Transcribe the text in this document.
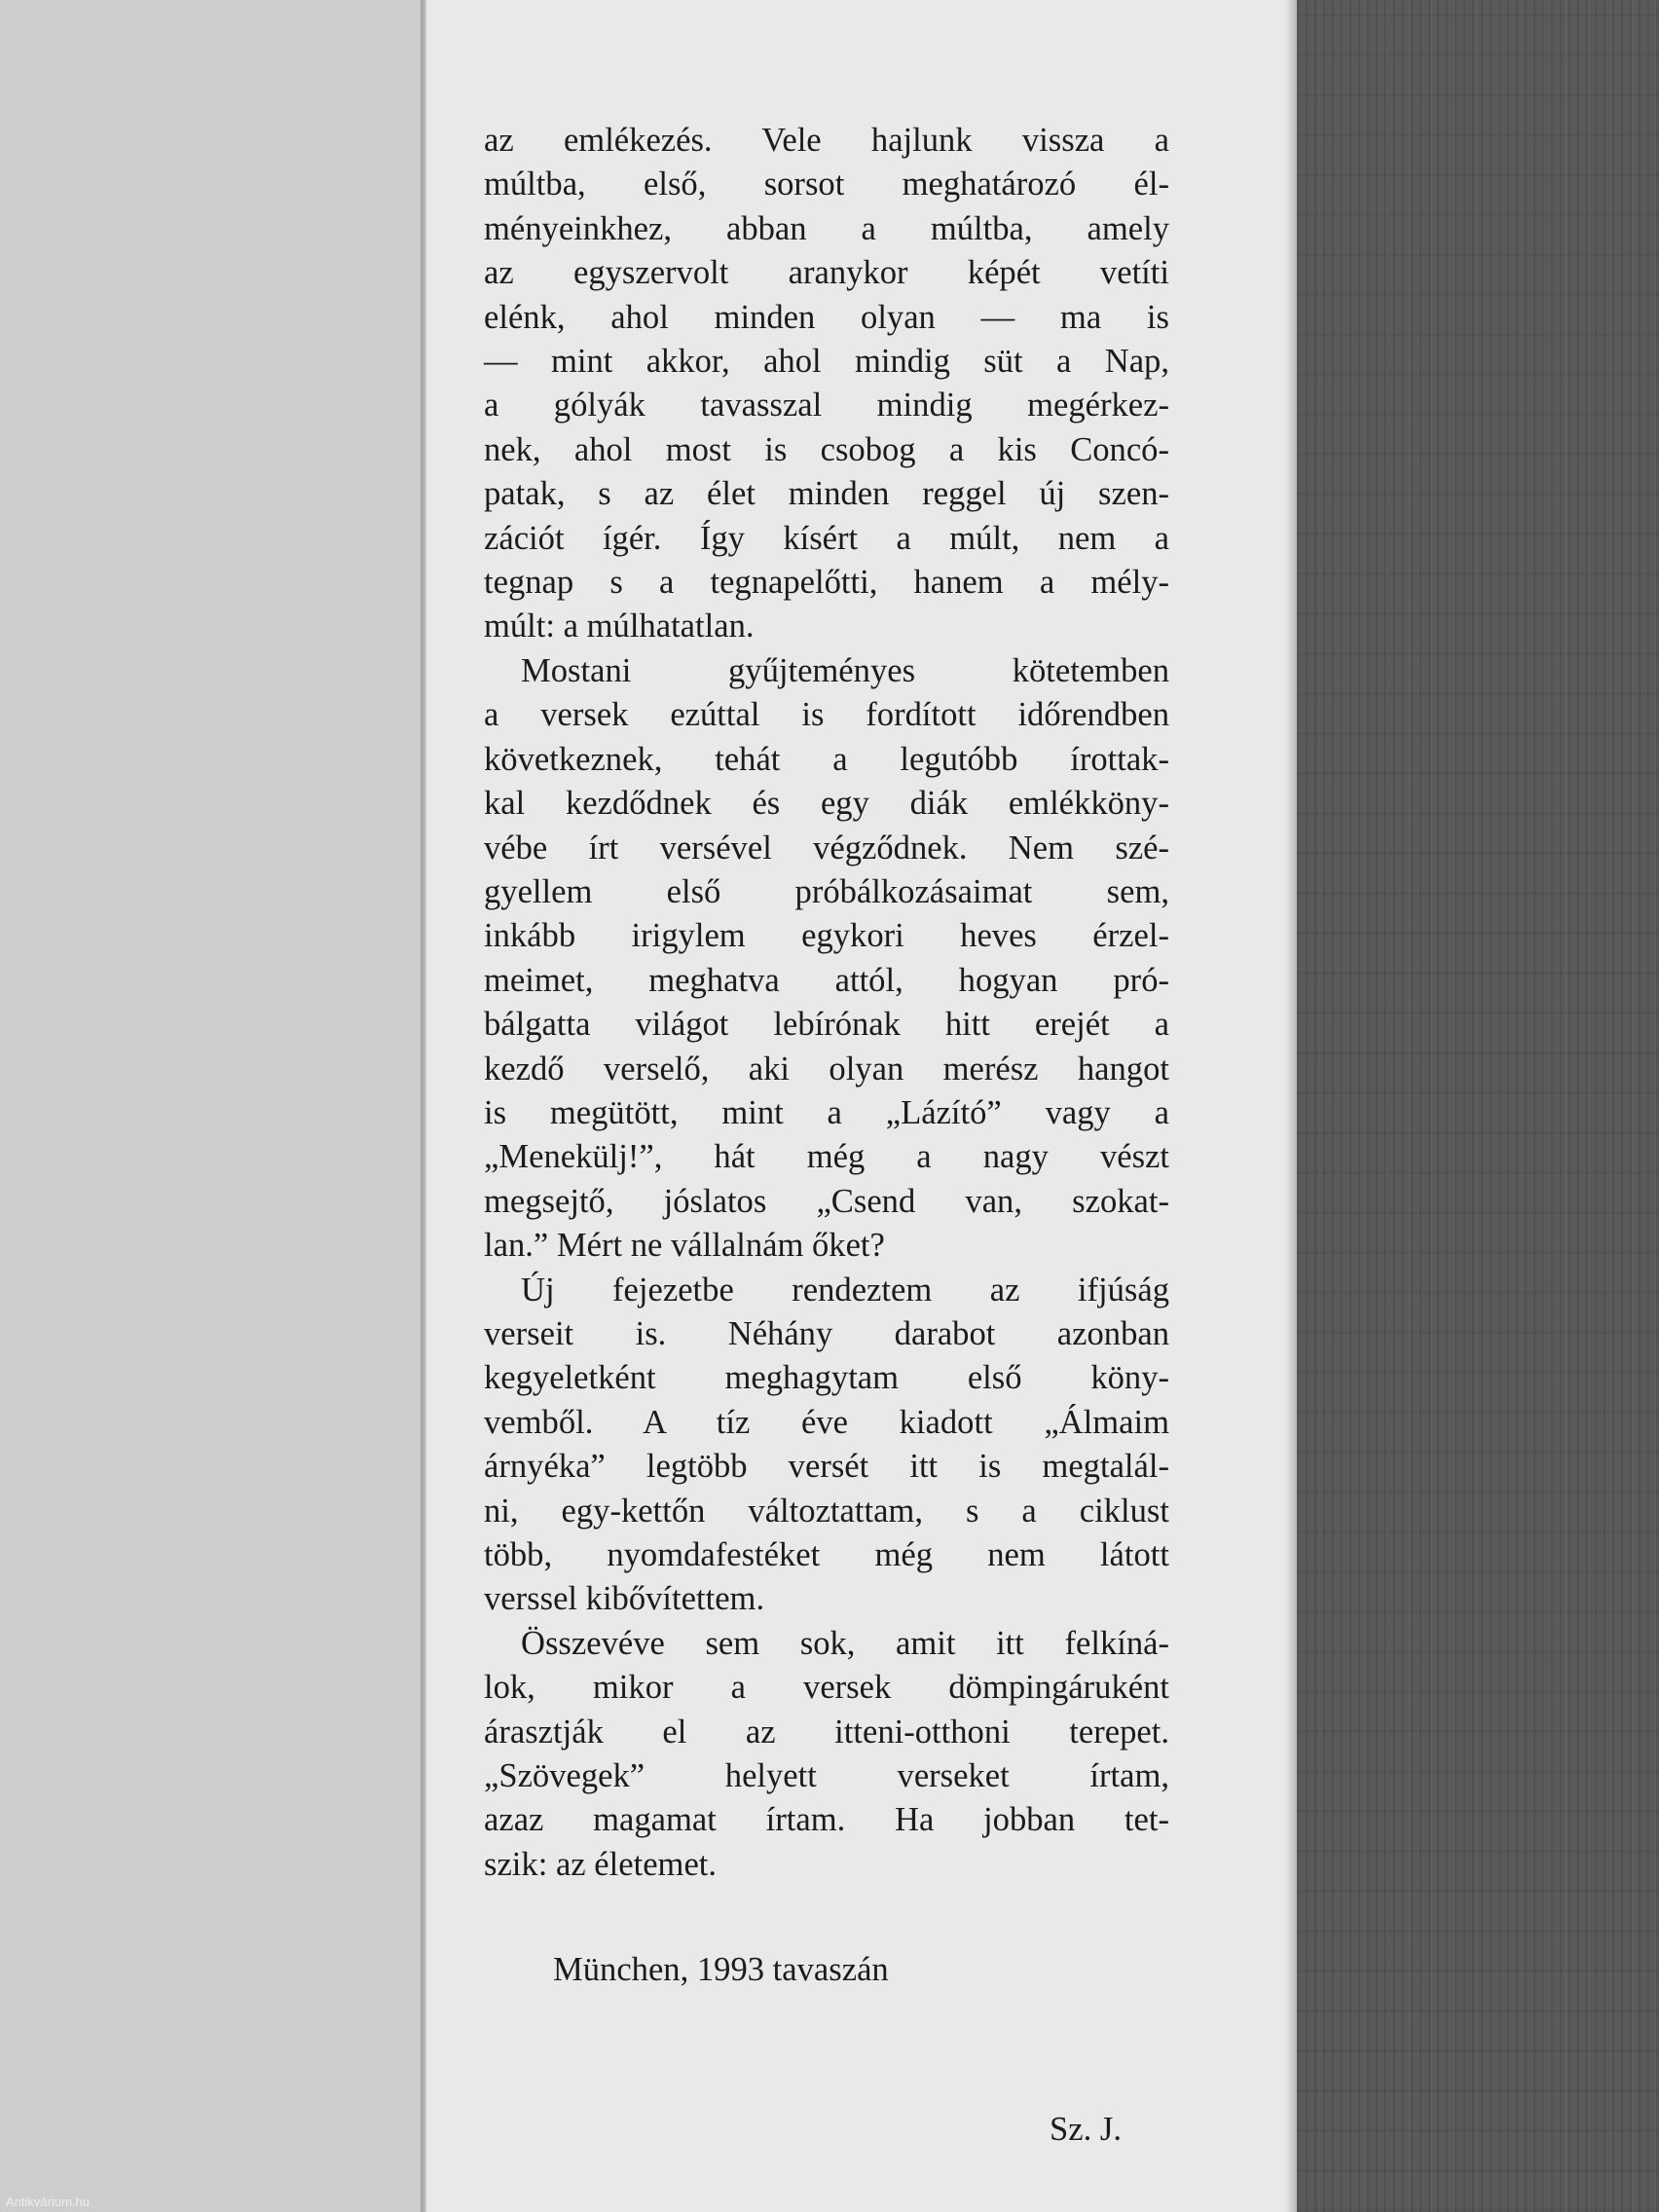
az emlékezés. Vele hajlunk vissza a
múltba, első, sorsot meghatározó él-
ményeinkhez, abban a múltba, amely
az egyszervolt aranykor képét vetíti
elénk, ahol minden olyan — ma is
— mint akkor, ahol mindig süt a Nap,
a gólyák tavasszal mindig megérkez-
nek, ahol most is csobog a kis Concó-
patak, s az élet minden reggel új szen-
zációt ígér. Így kísért a múlt, nem a
tegnap s a tegnapelőtti, hanem a mély-
múlt: a múlhatatlan.
Mostani gyűjteményes kötetemben
a versek ezúttal is fordított időrendben
következnek, tehát a legutóbb írottak-
kal kezdődnek és egy diák emlékköny-
vébe írt versével végződnek. Nem szé-
gyellem első próbálkozásaimat sem,
inkább irigylem egykori heves érzel-
meimet, meghatva attól, hogyan pró-
bálgatta világot lebírónak hitt erejét a
kezdő verselő, aki olyan merész hangot
is megütött, mint a „Lázító” vagy a
„Menekülj!”, hát még a nagy vészt
megsejtő, jóslatos „Csend van, szokat-
lan.” Mért ne vállalnám őket?
Új fejezetbe rendeztem az ifjúság
verseit is. Néhány darabot azonban
kegyeletként meghagytam első köny-
vemből. A tíz éve kiadott „Álmaim
árnyéka” legtöbb versét itt is megtalál-
ni, egy-kettőn változtattam, s a ciklust
több, nyomdafestéket még nem látott
verssel kibővítettem.
Összevéve sem sok, amit itt felkíná-
lok, mikor a versek dömpingáruként
árasztják el az itteni-otthoni terepet.
„Szövegek” helyett verseket írtam,
azaz magamat írtam. Ha jobban tet-
szik: az életemet.
München, 1993 tavaszán
Sz. J.
Antikvárium.hu
